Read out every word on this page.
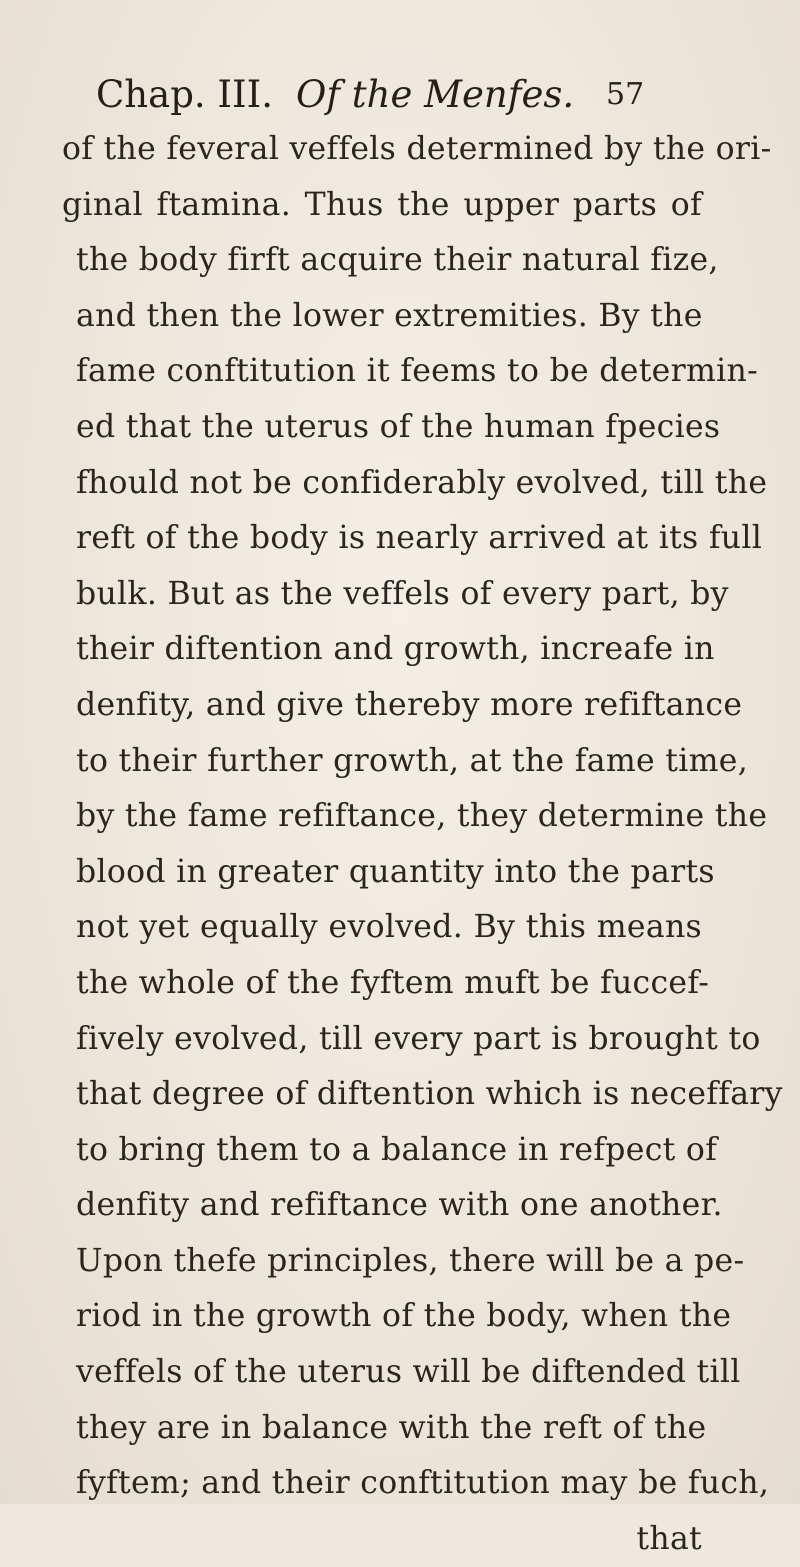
Chap. III. Of the Menfes. 57
of the feveral veffels determined by the ori-
ginal ftamina. Thus the upper parts of
the body firft acquire their natural fize,
and then the lower extremities. By the
fame conftitution it feems to be determin-
ed that the uterus of the human fpecies
fhould not be confiderably evolved, till the
reft of the body is nearly arrived at its full
bulk. But as the veffels of every part, by
their diftention and growth, increafe in
denfity, and give thereby more refiftance
to their further growth, at the fame time,
by the fame refiftance, they determine the
blood in greater quantity into the parts
not yet equally evolved. By this means
the whole of the fyftem muft be fuccef-
fively evolved, till every part is brought to
that degree of diftention which is neceffary
to bring them to a balance in refpect of
denfity and refiftance with one another.
Upon thefe principles, there will be a pe-
riod in the growth of the body, when the
veffels of the uterus will be diftended till
they are in balance with the reft of the
fyftem; and their conftitution may be fuch,
that
